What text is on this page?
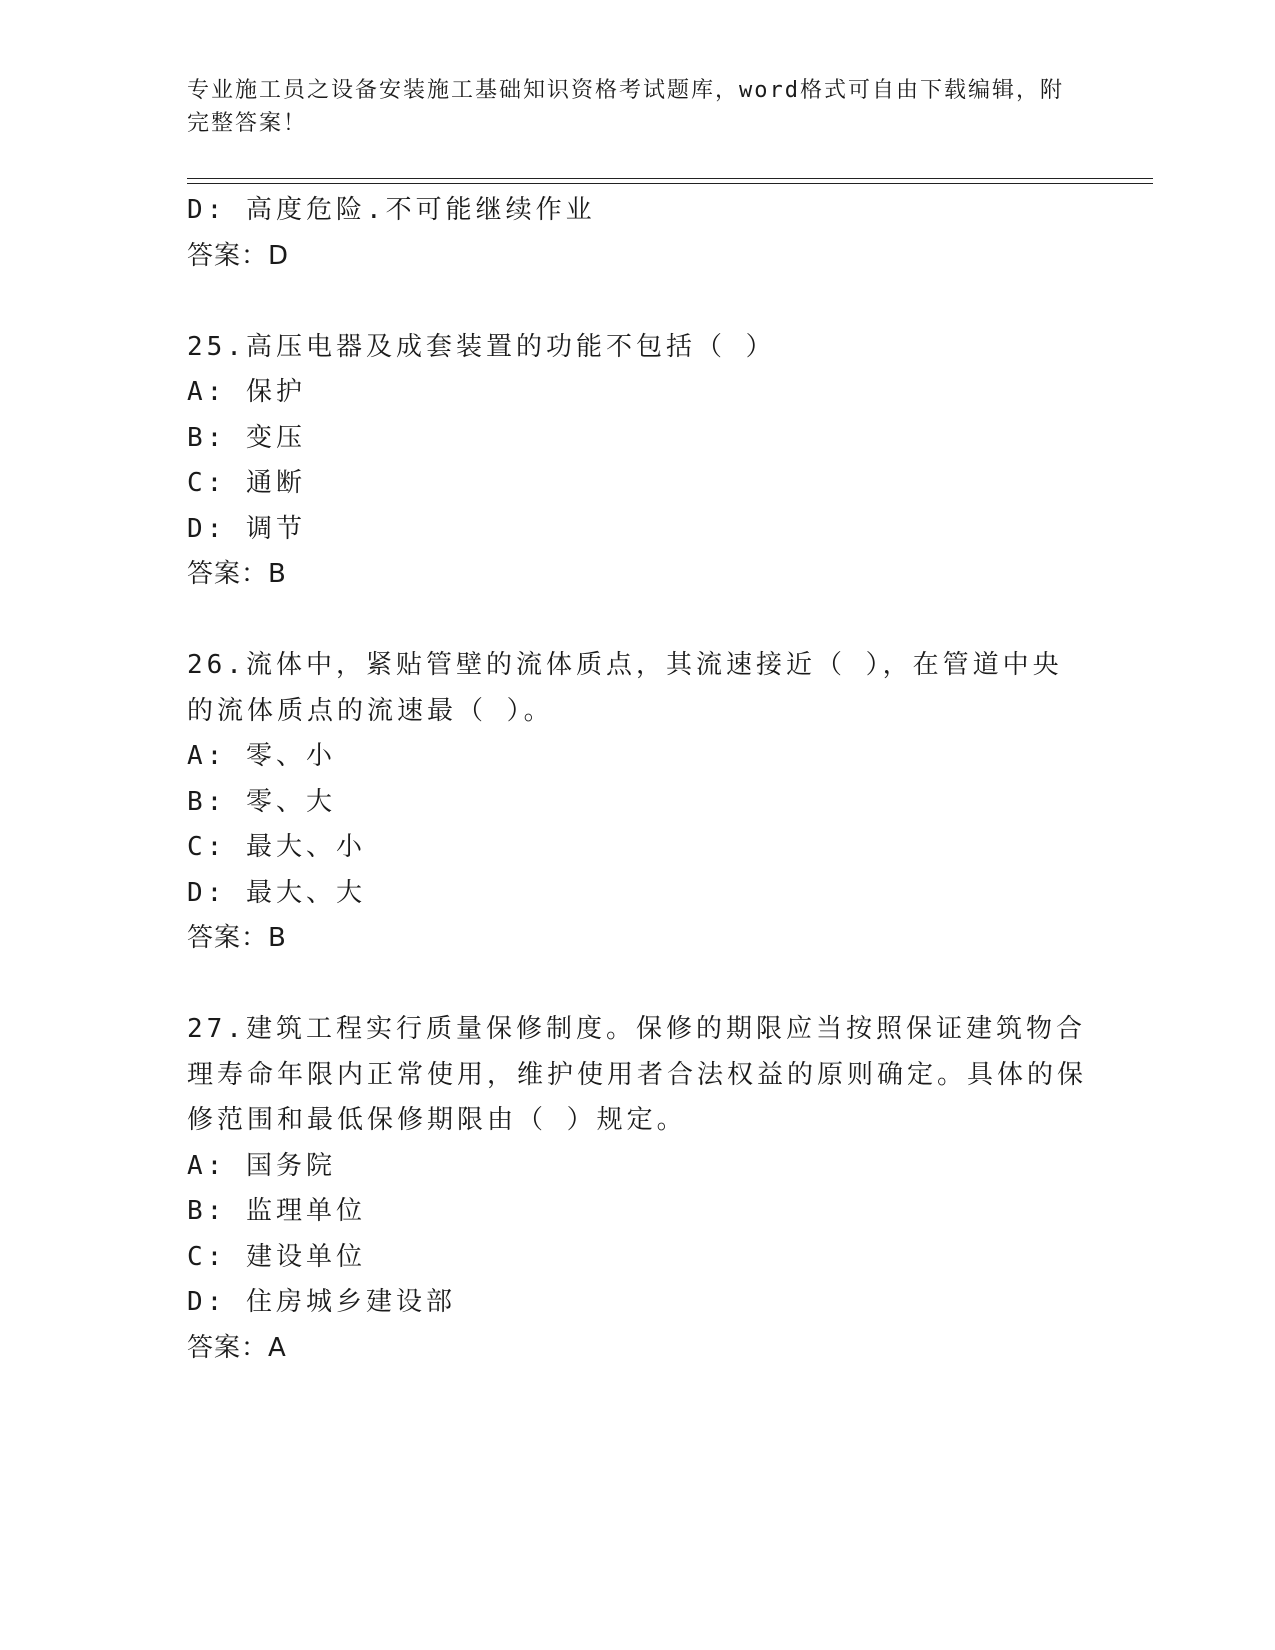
专业施工员之设备安装施工基础知识资格考试题库，word格式可自由下载编辑，附完整答案！

D: 高度危险.不可能继续作业

答案：D

25.高压电器及成套装置的功能不包括（ ）

A: 保护

B: 变压

C: 通断

D: 调节

答案：B

26.流体中，紧贴管壁的流体质点，其流速接近（ ），在管道中央的流体质点的流速最（ ）。

A: 零、小

B: 零、大

C: 最大、小

D: 最大、大

答案：B

27.建筑工程实行质量保修制度。保修的期限应当按照保证建筑物合理寿命年限内正常使用，维护使用者合法权益的原则确定。具体的保修范围和最低保修期限由（ ）规定。

A: 国务院

B: 监理单位

C: 建设单位

D: 住房城乡建设部

答案：A
